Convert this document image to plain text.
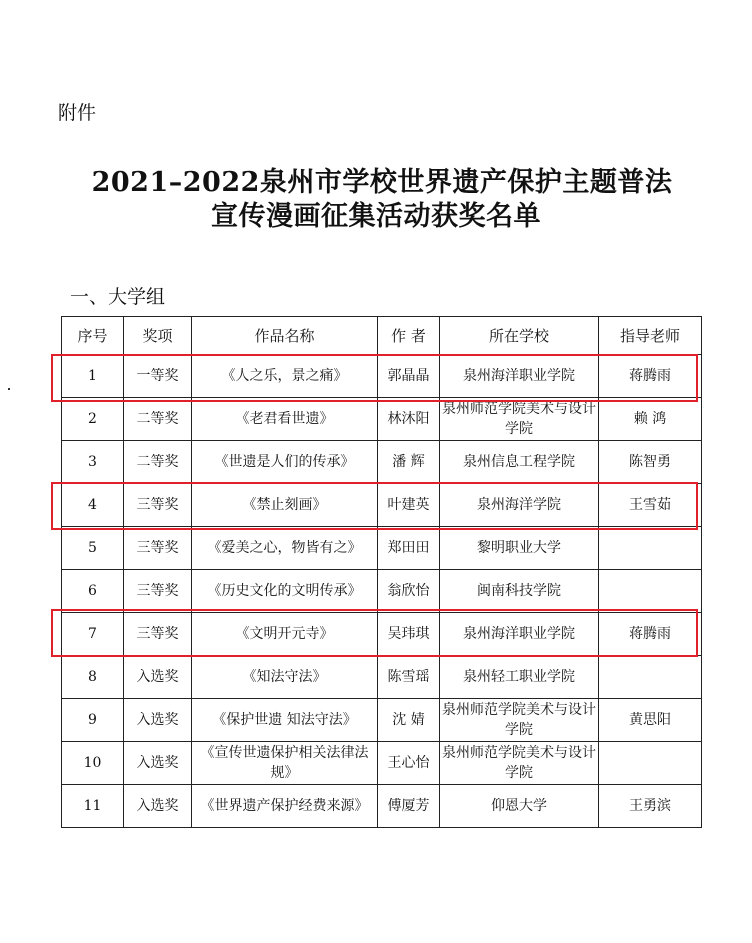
附件
2021–2022泉州市学校世界遗产保护主题普法
宣传漫画征集活动获奖名单
一、大学组
序号	奖项	作品名称	作 者	所在学校	指导老师
1	一等奖	《人之乐，景之痛》	郭晶晶	泉州海洋职业学院	蒋腾雨
2	二等奖	《老君看世遗》	林沐阳	泉州师范学院美术与设计学院	赖 鸿
3	二等奖	《世遗是人们的传承》	潘 辉	泉州信息工程学院	陈智勇
4	三等奖	《禁止刻画》	叶建英	泉州海洋学院	王雪茹
5	三等奖	《爱美之心，物皆有之》	郑田田	黎明职业大学	
6	三等奖	《历史文化的文明传承》	翁欣怡	闽南科技学院	
7	三等奖	《文明开元寺》	吴玮琪	泉州海洋职业学院	蒋腾雨
8	入选奖	《知法守法》	陈雪瑶	泉州轻工职业学院	
9	入选奖	《保护世遗 知法守法》	沈 婧	泉州师范学院美术与设计学院	黄思阳
10	入选奖	《宣传世遗保护相关法律法规》	王心怡	泉州师范学院美术与设计学院	
11	入选奖	《世界遗产保护经费来源》	傅厦芳	仰恩大学	王勇滨
